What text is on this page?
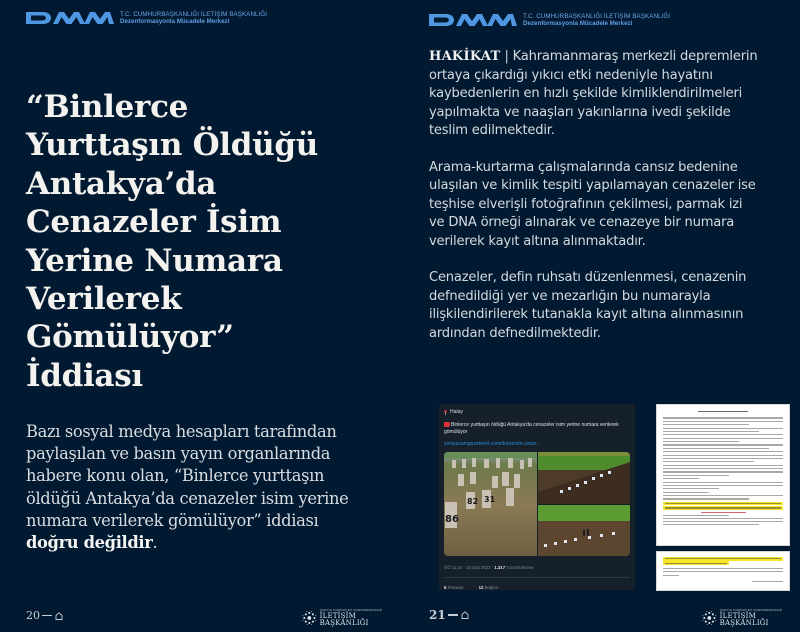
T.C. CUMHURBAŞKANLIĞI İLETİŞİM BAŞKANLIĞI
Dezenformasyonla Mücadele Merkezi
“Binlerce
Yurttaşın Öldüğü
Antakya’da
Cenazeler İsim
Yerine Numara
Verilerek
Gömülüyor”
İddiası

Bazı sosyal medya hesapları tarafından paylaşılan ve basın yayın organlarında habere konu olan, “Binlerce yurttaşın öldüğü Antakya’da cenazeler isim yerine numara verilerek gömülüyor” iddiası doğru değildir.

20	TÜRKİYE CUMHURİYETİ CUMHURBAŞKANLIĞI
İLETİŞİM BAŞKANLIĞI
T.C. CUMHURBAŞKANLIĞI İLETİŞİM BAŞKANLIĞI
Dezenformasyonla Mücadele Merkezi

HAKİKAT | Kahramanmaraş merkezli depremlerin ortaya çıkardığı yıkıcı etki nedeniyle hayatını kaybedenlerin en hızlı şekilde kimliklendirilmeleri yapılmakta ve naaşları yakınlarına ivedi şekilde teslim edilmektedir.

Arama-kurtarma çalışmalarında cansız bedenine ulaşılan ve kimlik tespiti yapılamayan cenazeler ise teşhise elverişli fotoğrafının çekilmesi, parmak izi ve DNA örneği alınarak ve cenazeye bir numara verilerek kayıt altına alınmaktadır.

Cenazeler, defin ruhsatı düzenlenmesi, cenazenin defnedildiği yer ve mezarlığın bu numarayla ilişkilendirilerek tutanakla kayıt altına alınmasının ardından defnedilmektedir.

21	TÜRKİYE CUMHURİYETİ CUMHURBAŞKANLIĞI
İLETİŞİM BAŞKANLIĞI
Hatay
Binlerce yurttaşın öldüğü Antakya'da cenazeler isim yerine numara verilerek gömülüyor
yeniyasamgazetesi4.com/depremin-ustun...
31
82
86
ÖÖ 11:24 · 10 Şub 2023 · 1.317 Görüntülenme
5 Retweet	12 Beğeni
